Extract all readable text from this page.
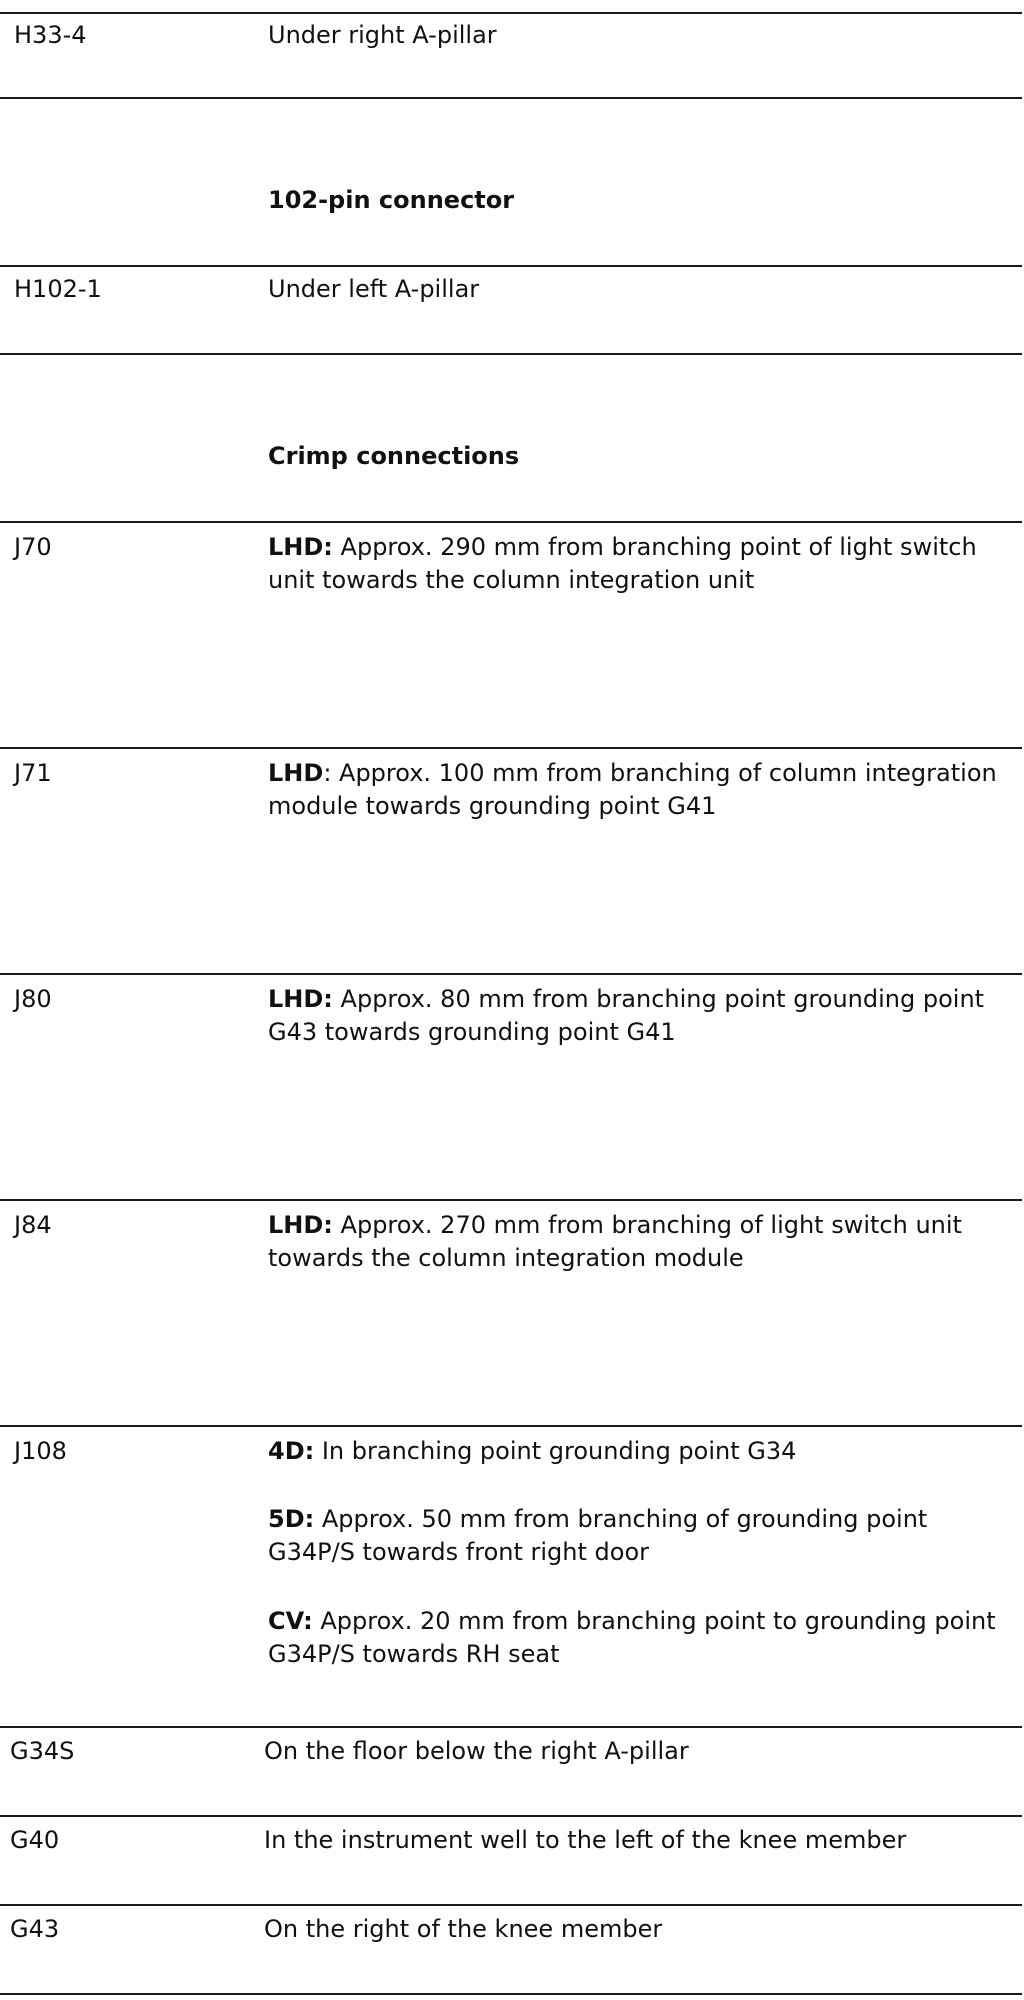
H33-4	Under right A-pillar
102-pin connector
H102-1	Under left A-pillar
Crimp connections
J70	LHD: Approx. 290 mm from branching point of light switch unit towards the column integration unit
J71	LHD: Approx. 100 mm from branching of column integration module towards grounding point G41
J80	LHD: Approx. 80 mm from branching point grounding point G43 towards grounding point G41
J84	LHD: Approx. 270 mm from branching of light switch unit towards the column integration module
J108	4D: In branching point grounding point G34
5D: Approx. 50 mm from branching of grounding point G34P/S towards front right door
CV: Approx. 20 mm from branching point to grounding point G34P/S towards RH seat
G34S	On the floor below the right A-pillar
G40	In the instrument well to the left of the knee member
G43	On the right of the knee member
